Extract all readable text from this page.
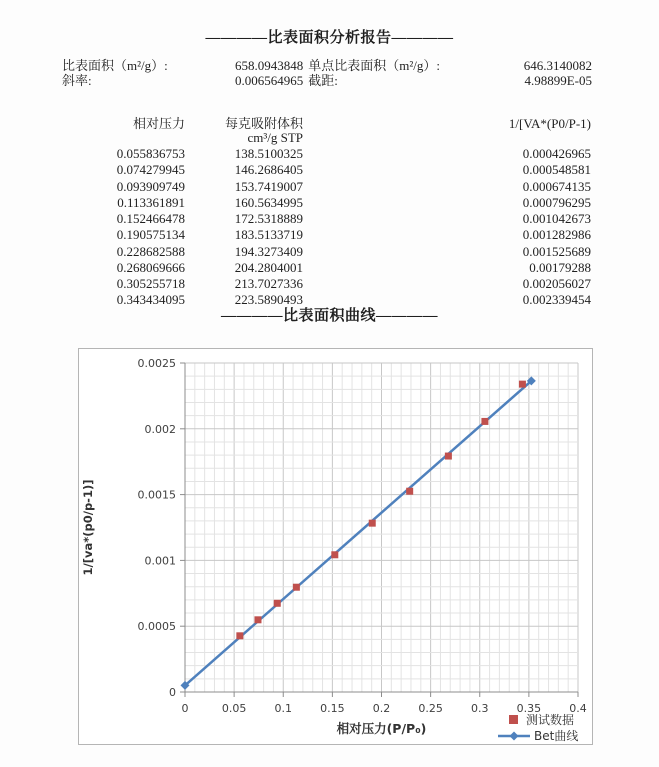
————比表面积分析报告————
比表面积（m²/g）:	658.0943848 单点比表面积（m²/g）:	646.3140082
斜率:	0.006564965 截距:	4.98899E-05
相对压力	每克吸附体积	1/[VA*(P0/P-1)
cm³/g STP
0.055836753	138.5100325	0.000426965
0.074279945	146.2686405	0.000548581
0.093909749	153.7419007	0.000674135
0.113361891	160.5634995	0.000796295
0.152466478	172.5318889	0.001042673
0.190575134	183.5133719	0.001282986
0.228682588	194.3273409	0.001525689
0.268069666	204.2804001	0.00179288
0.305255718	213.7027336	0.002056027
0.343434095	223.5890493	0.002339454
————比表面积曲线————
0	0.05	0.1	0.15	0.2	0.25	0.3	0.35	0.4
0
0.0005
0.001
0.0015
0.002
0.0025
相对压力(P/P₀)
1/[va*(p0/p-1)]
测试数据
Bet曲线
